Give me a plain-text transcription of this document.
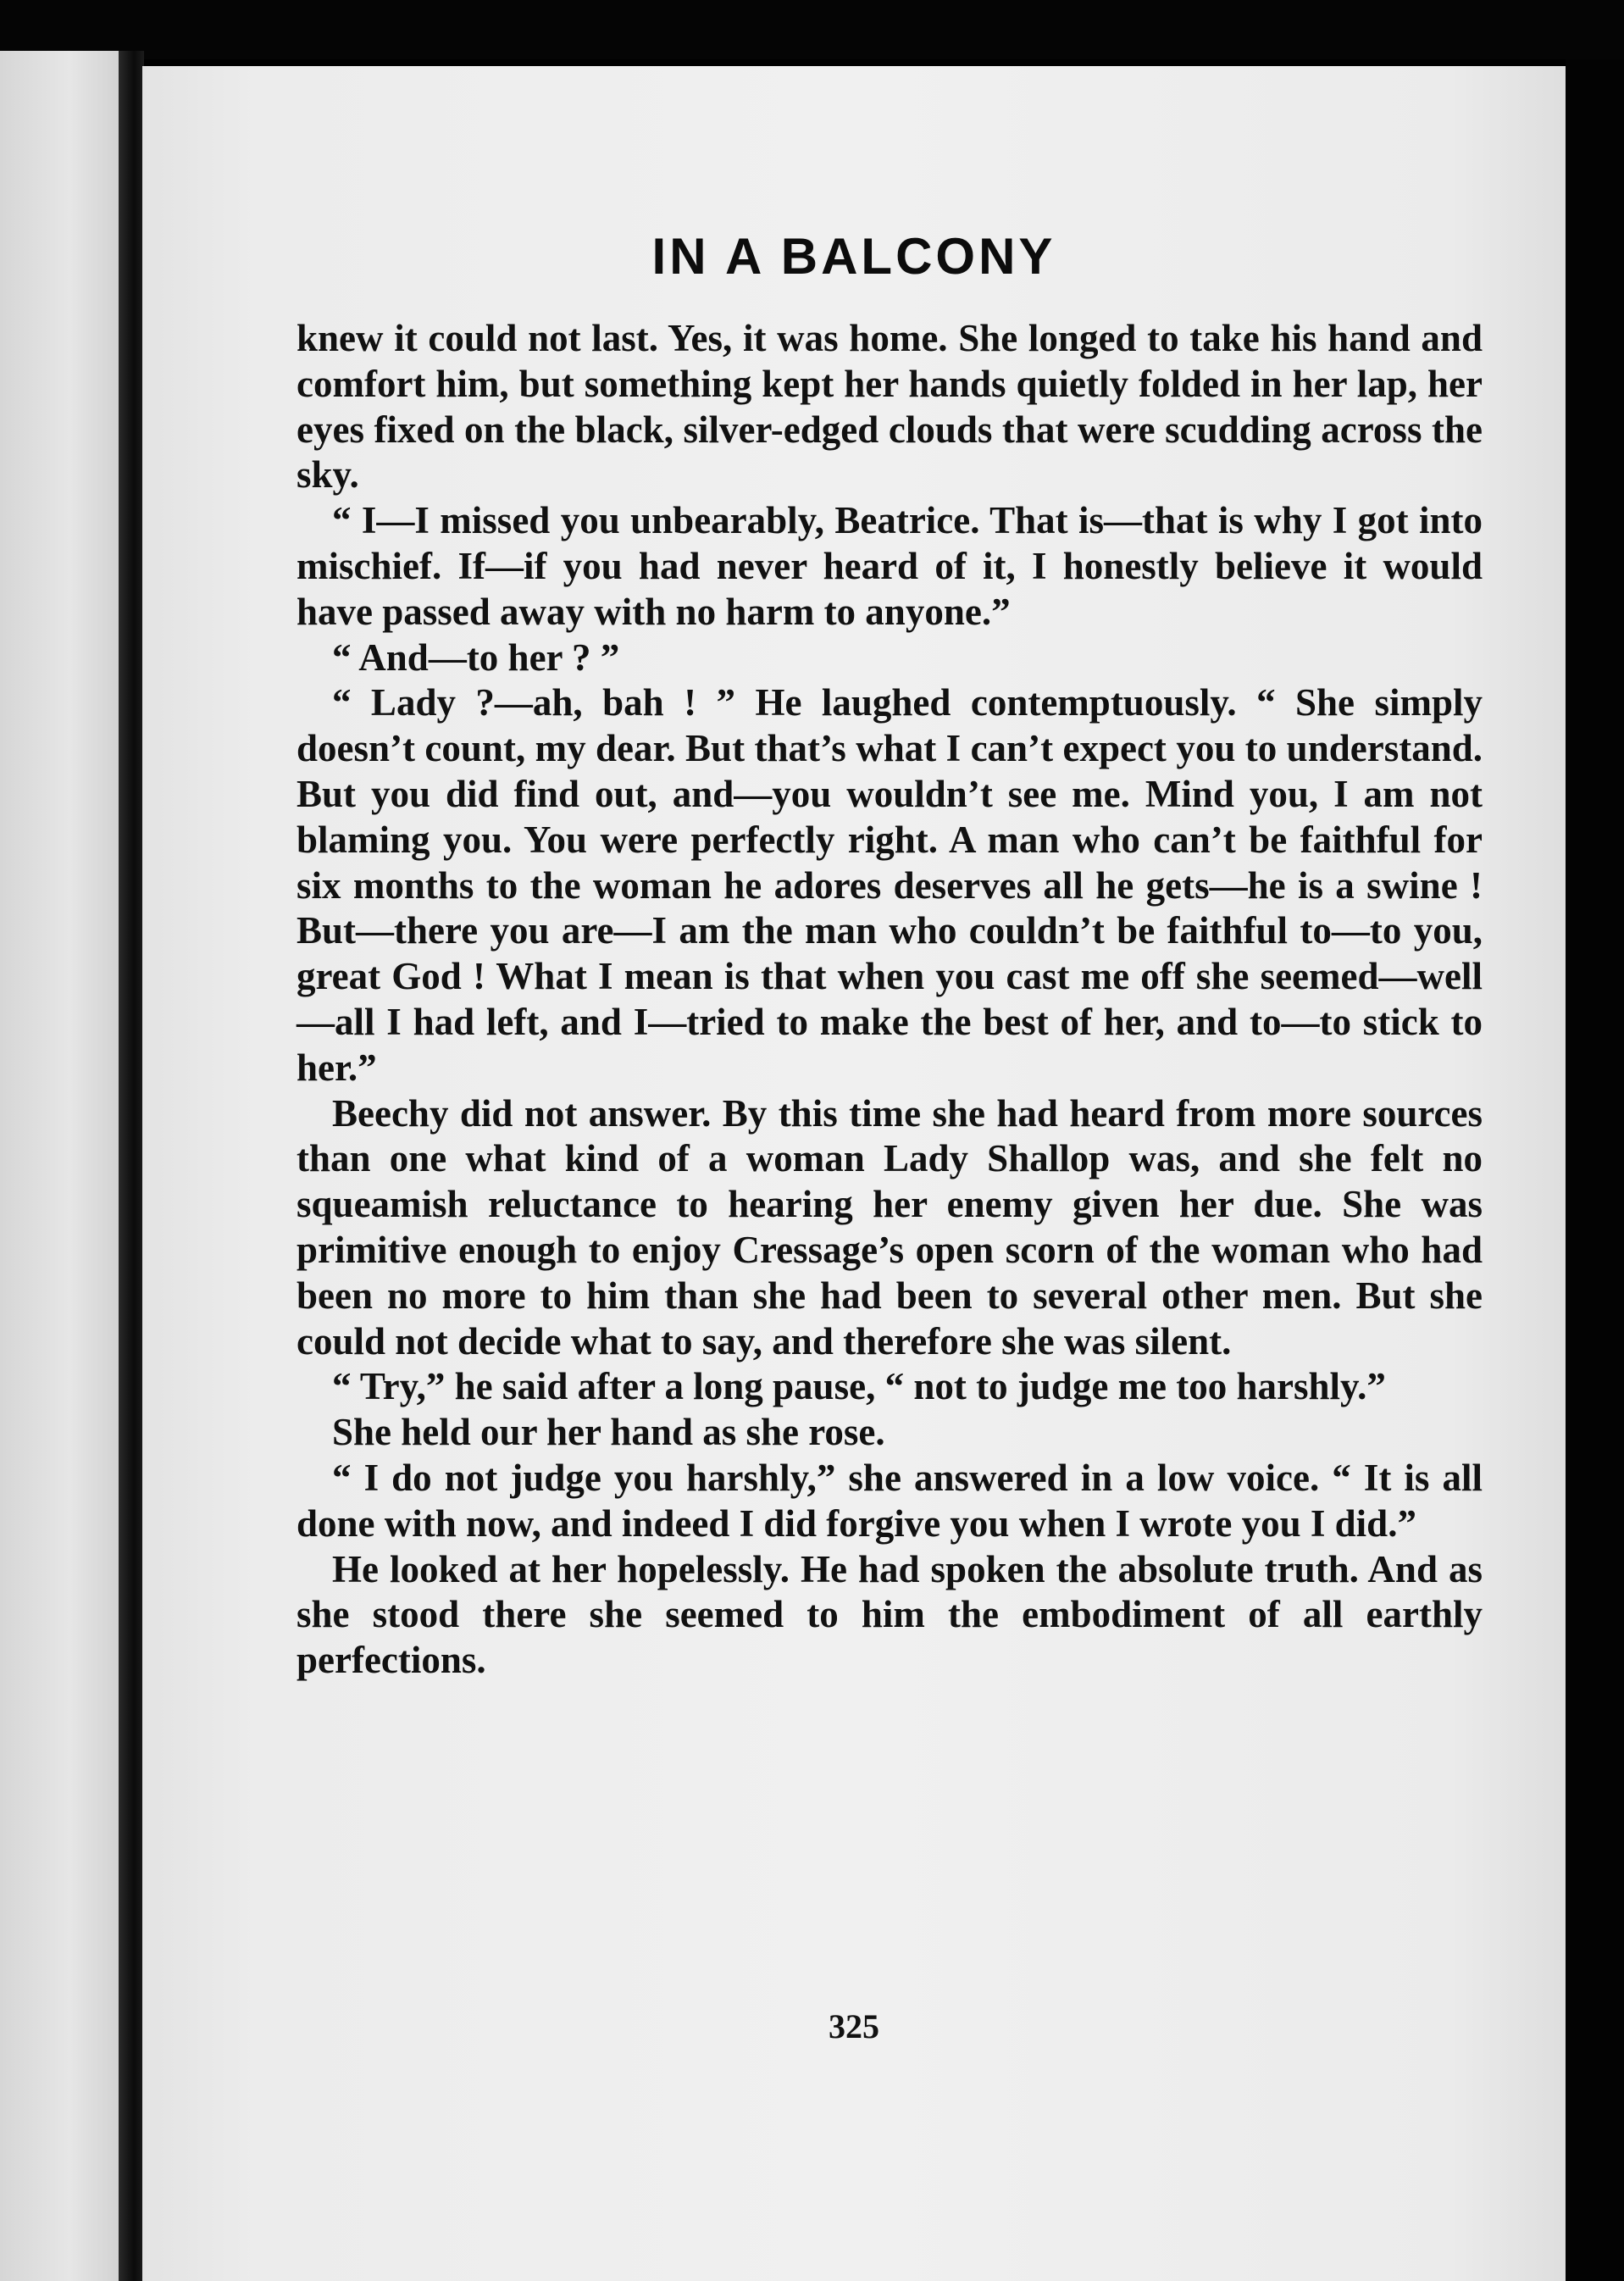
IN A BALCONY

knew it could not last. Yes, it was home. She longed to take his hand and comfort him, but something kept her hands quietly folded in her lap, her eyes fixed on the black, silver-edged clouds that were scudding across the sky.

“ I—I missed you unbearably, Beatrice. That is—that is why I got into mischief. If—if you had never heard of it, I honestly believe it would have passed away with no harm to anyone.”

“ And—to her ? ”

“ Lady ?—ah, bah ! ” He laughed contemptuously. “ She simply doesn’t count, my dear. But that’s what I can’t expect you to understand. But you did find out, and—you wouldn’t see me. Mind you, I am not blaming you. You were perfectly right. A man who can’t be faithful for six months to the woman he adores deserves all he gets—he is a swine ! But—there you are—I am the man who couldn’t be faithful to—to you, great God ! What I mean is that when you cast me off she seemed—well—all I had left, and I—tried to make the best of her, and to—to stick to her.”

Beechy did not answer. By this time she had heard from more sources than one what kind of a woman Lady Shallop was, and she felt no squeamish reluctance to hearing her enemy given her due. She was primitive enough to enjoy Cressage’s open scorn of the woman who had been no more to him than she had been to several other men. But she could not decide what to say, and therefore she was silent.

“ Try,” he said after a long pause, “ not to judge me too harshly.”

She held our her hand as she rose.

“ I do not judge you harshly,” she answered in a low voice. “ It is all done with now, and indeed I did forgive you when I wrote you I did.”

He looked at her hopelessly. He had spoken the absolute truth. And as she stood there she seemed to him the embodiment of all earthly perfections.

325
